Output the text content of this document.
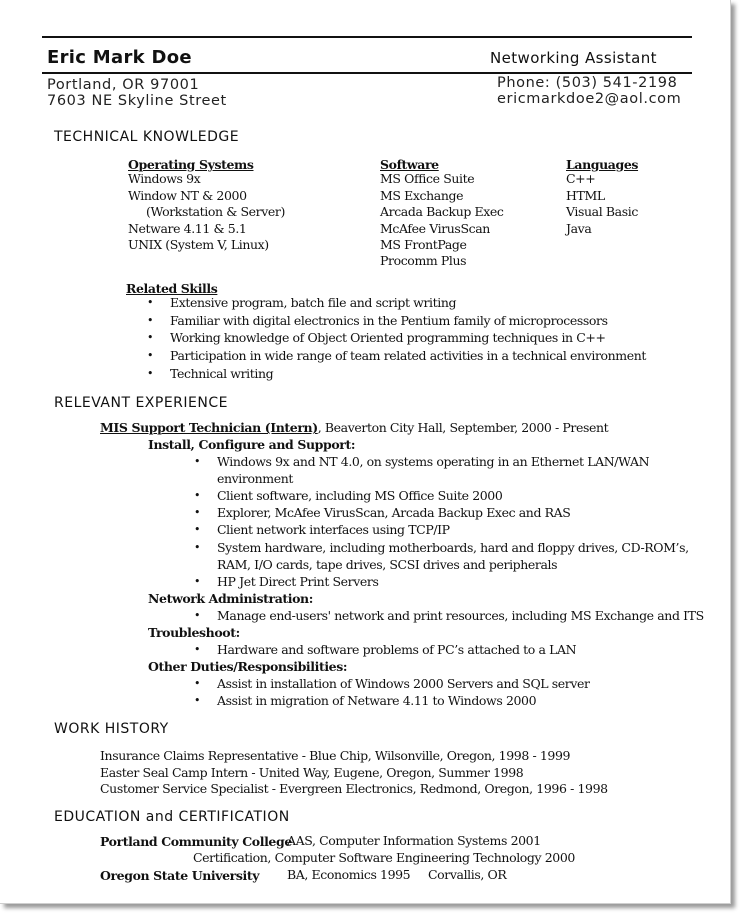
Eric Mark Doe	Networking Assistant
Portland, OR 97001
7603 NE Skyline Street
Phone: (503) 541-2198
ericmarkdoe2@aol.com
TECHNICAL KNOWLEDGE
Operating Systems
Windows 9x
Window NT & 2000
(Workstation & Server)
Netware 4.11 & 5.1
UNIX (System V, Linux)
Software
MS Office Suite
MS Exchange
Arcada Backup Exec
McAfee VirusScan
MS FrontPage
Procomm Plus
Languages
C++
HTML
Visual Basic
Java
Related Skills
• Extensive program, batch file and script writing
• Familiar with digital electronics in the Pentium family of microprocessors
• Working knowledge of Object Oriented programming techniques in C++
• Participation in wide range of team related activities in a technical environment
• Technical writing
RELEVANT EXPERIENCE
MIS Support Technician (Intern), Beaverton City Hall, September, 2000 - Present
Install, Configure and Support:
• Windows 9x and NT 4.0, on systems operating in an Ethernet LAN/WAN
environment
• Client software, including MS Office Suite 2000
• Explorer, McAfee VirusScan, Arcada Backup Exec and RAS
• Client network interfaces using TCP/IP
• System hardware, including motherboards, hard and floppy drives, CD-ROM’s,
RAM, I/O cards, tape drives, SCSI drives and peripherals
• HP Jet Direct Print Servers
Network Administration:
• Manage end-users' network and print resources, including MS Exchange and ITS
Troubleshoot:
• Hardware and software problems of PC’s attached to a LAN
Other Duties/Responsibilities:
• Assist in installation of Windows 2000 Servers and SQL server
• Assist in migration of Netware 4.11 to Windows 2000
WORK HISTORY
Insurance Claims Representative - Blue Chip, Wilsonville, Oregon, 1998 - 1999
Easter Seal Camp Intern - United Way, Eugene, Oregon, Summer 1998
Customer Service Specialist - Evergreen Electronics, Redmond, Oregon, 1996 - 1998
EDUCATION and CERTIFICATION
Portland Community College
AAS, Computer Information Systems 2001
Certification, Computer Software Engineering Technology 2000
Oregon State University BA, Economics 1995 Corvallis, OR
